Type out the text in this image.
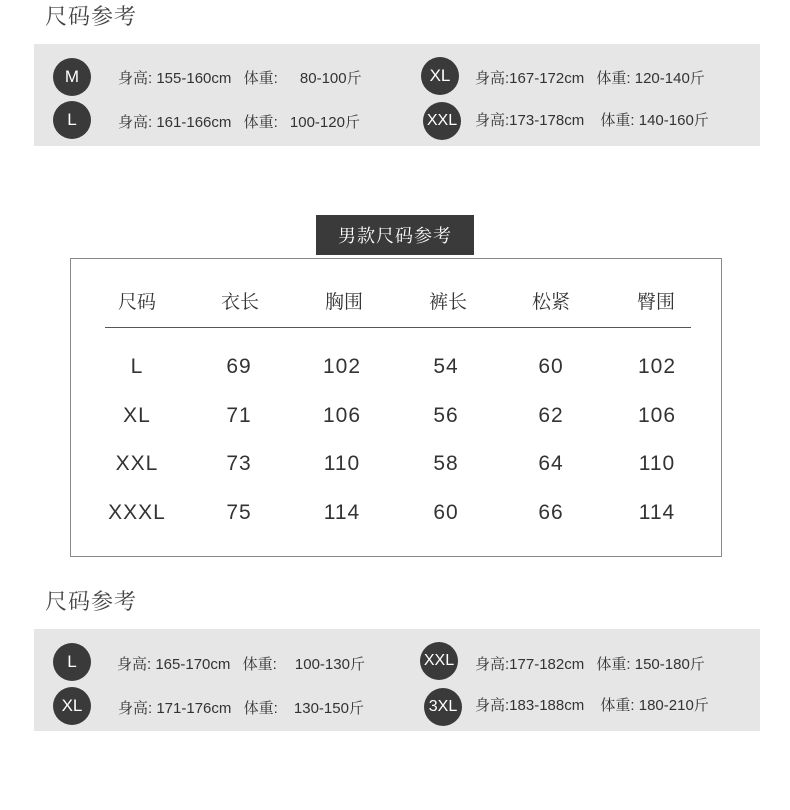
尺码参考
M	身高: 155-160cm 体重: 80-100斤
L	身高: 161-166cm 体重: 100-120斤
XL	身高:167-172cm 体重: 120-140斤
XXL 身高:173-178cm 体重: 140-160斤
男款尺码参考
尺码	衣长	胸围	裤长	松紧	臀围
L	69	102	54	60	102
XL	71	106	56	62	106
XXL	73	110	58	64	110
XXXL	75	114	60	66	114
尺码参考
L	身高: 165-170cm 体重: 100-130斤
XL	身高: 171-176cm 体重: 130-150斤
XXL 身高:177-182cm 体重: 150-180斤
3XL	身高:183-188cm 体重: 180-210斤
